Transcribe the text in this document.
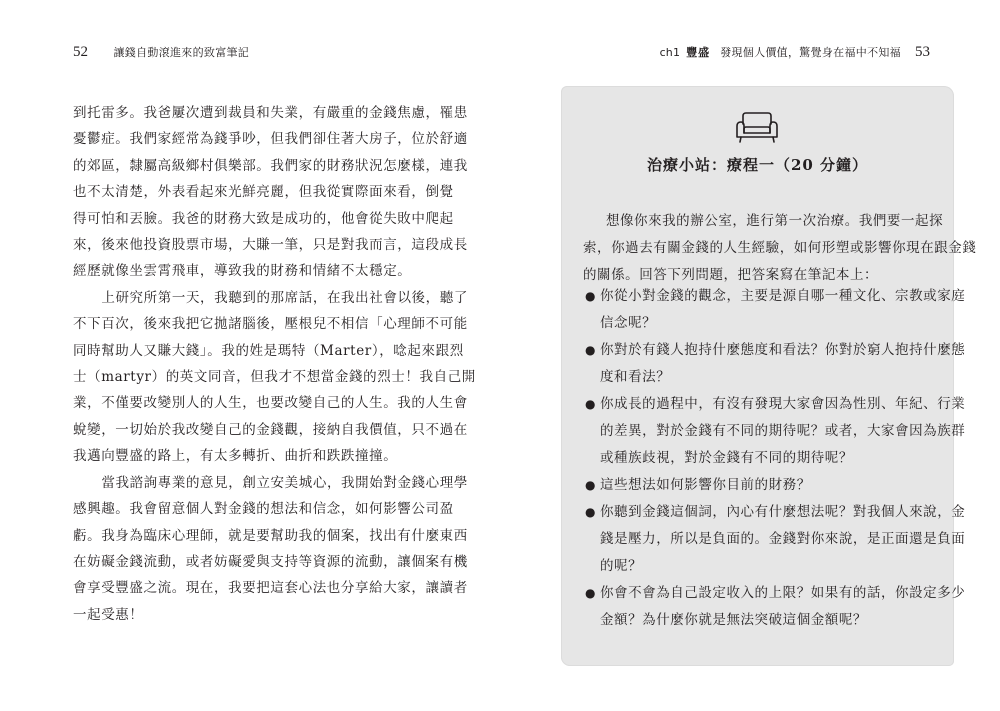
52 讓錢自動滾進來的致富筆記

到托雷多。我爸屢次遭到裁員和失業，有嚴重的金錢焦慮，罹患
憂鬱症。我們家經常為錢爭吵，但我們卻住著大房子，位於舒適
的郊區，隸屬高級鄉村俱樂部。我們家的財務狀況怎麼樣，連我
也不太清楚，外表看起來光鮮亮麗，但我從實際面來看，倒覺
得可怕和丟臉。我爸的財務大致是成功的，他會從失敗中爬起
來，後來他投資股票市場，大賺一筆，只是對我而言，這段成長
經歷就像坐雲霄飛車，導致我的財務和情緒不太穩定。

上研究所第一天，我聽到的那席話，在我出社會以後，聽了
不下百次，後來我把它拋諸腦後，壓根兒不相信「心理師不可能
同時幫助人又賺大錢」。我的姓是瑪特（Marter），唸起來跟烈
士（martyr）的英文同音，但我才不想當金錢的烈士！我自己開
業，不僅要改變別人的人生，也要改變自己的人生。我的人生會
蛻變，一切始於我改變自己的金錢觀，接納自我價值，只不過在
我邁向豐盛的路上，有太多轉折、曲折和跌跌撞撞。

當我諮詢專業的意見，創立安美城心，我開始對金錢心理學
感興趣。我會留意個人對金錢的想法和信念，如何影響公司盈
虧。我身為臨床心理師，就是要幫助我的個案，找出有什麼東西
在妨礙金錢流動，或者妨礙愛與支持等資源的流動，讓個案有機
會享受豐盛之流。現在，我要把這套心法也分享給大家，讓讀者
一起受惠！

ch1 豐盛 發現個人價值，驚覺身在福中不知福 53
治療小站：療程一（20 分鐘）
想像你來我的辦公室，進行第一次治療。我們要一起探
索，你過去有關金錢的人生經驗，如何形塑或影響你現在跟金錢
的關係。回答下列問題，把答案寫在筆記本上：
● 你從小對金錢的觀念，主要是源自哪一種文化、宗教或家庭
信念呢？
● 你對於有錢人抱持什麼態度和看法？你對於窮人抱持什麼態
度和看法？
● 你成長的過程中，有沒有發現大家會因為性別、年紀、行業
的差異，對於金錢有不同的期待呢？或者，大家會因為族群
或種族歧視，對於金錢有不同的期待呢？
● 這些想法如何影響你目前的財務？
● 你聽到金錢這個詞，內心有什麼想法呢？對我個人來說，金
錢是壓力，所以是負面的。金錢對你來說，是正面還是負面
的呢？
● 你會不會為自己設定收入的上限？如果有的話，你設定多少
金額？為什麼你就是無法突破這個金額呢？
